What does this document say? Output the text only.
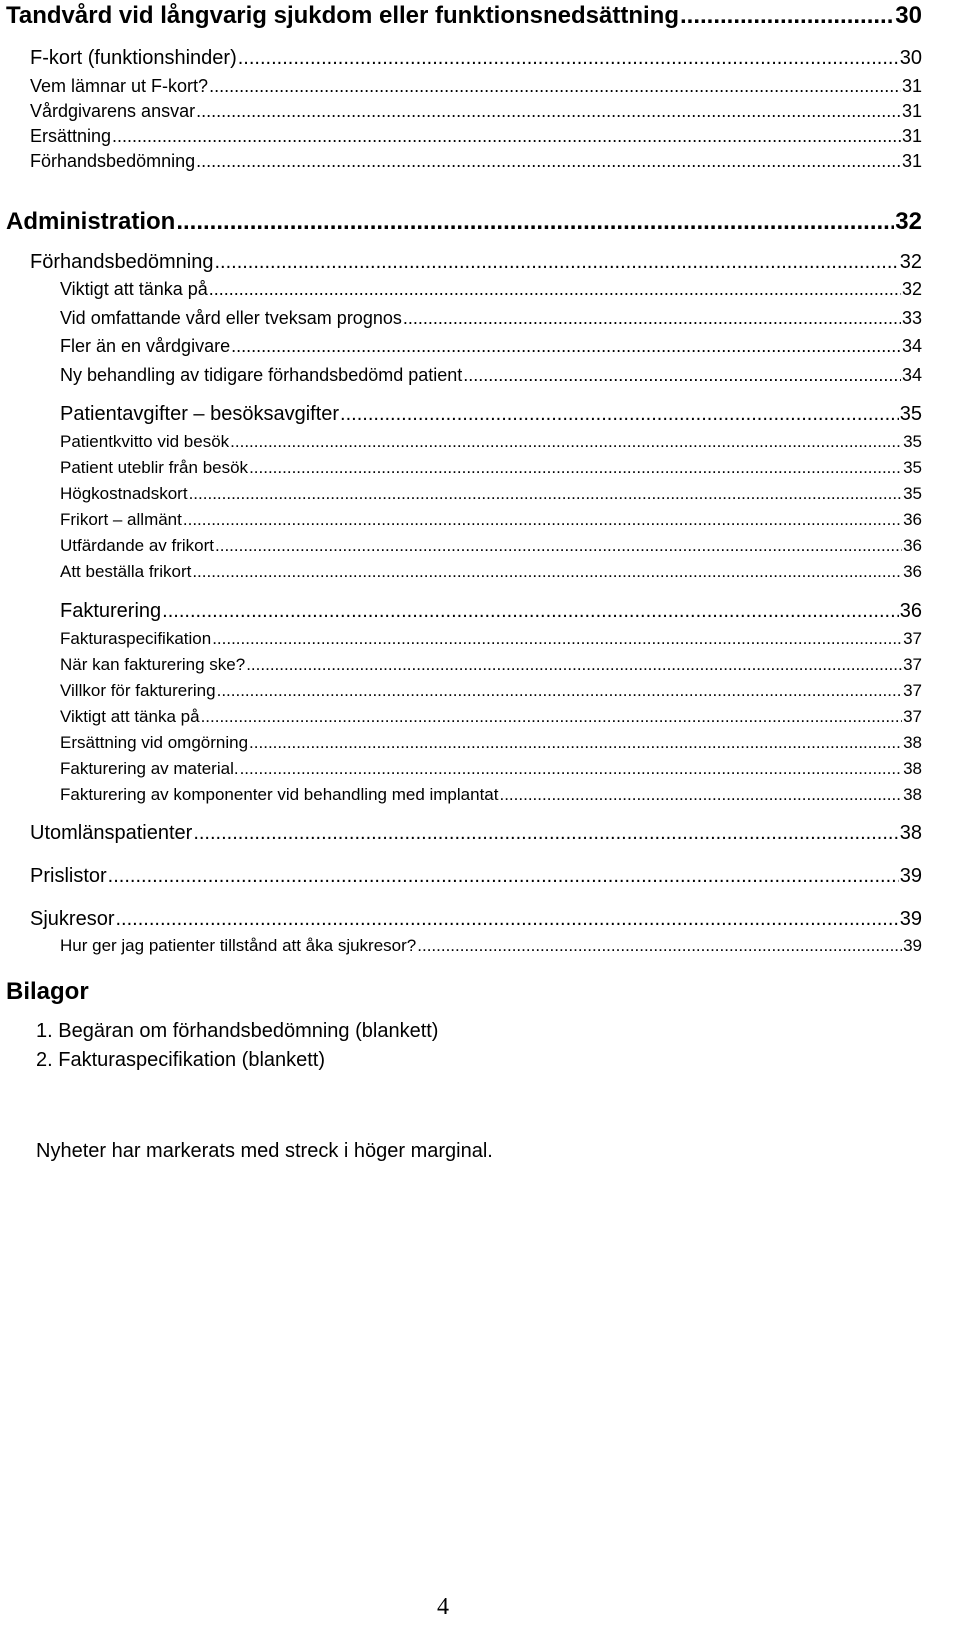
Tandvård vid långvarig sjukdom eller funktionsnedsättning .....	30
F-kort (funktionshinder) .....	30
Vem lämnar ut F-kort? .....	31
Vårdgivarens ansvar .....	31
Ersättning .....	31
Förhandsbedömning .....	31
Administration .....	32
Förhandsbedömning .....	32
Viktigt att tänka på .....	32
Vid omfattande vård eller tveksam prognos .....	33
Fler än en vårdgivare .....	34
Ny behandling av tidigare förhandsbedömd patient .....	34
Patientavgifter – besöksavgifter .....	35
Patientkvitto vid besök .....	35
Patient uteblir från besök .....	35
Högkostnadskort .....	35
Frikort – allmänt .....	36
Utfärdande av frikort .....	36
Att beställa frikort .....	36
Fakturering .....	36
Fakturaspecifikation .....	37
När kan fakturering ske? .....	37
Villkor för fakturering .....	37
Viktigt att tänka på .....	37
Ersättning vid omgörning .....	38
Fakturering av material. .....	38
Fakturering av komponenter vid behandling med implantat .....	38
Utomlänspatienter .....	38
Prislistor .....	39
Sjukresor .....	39
Hur ger jag patienter tillstånd att åka sjukresor? .....	39
Bilagor
1. Begäran om förhandsbedömning (blankett)
2. Fakturaspecifikation (blankett)
Nyheter har markerats med streck i höger marginal.
4
